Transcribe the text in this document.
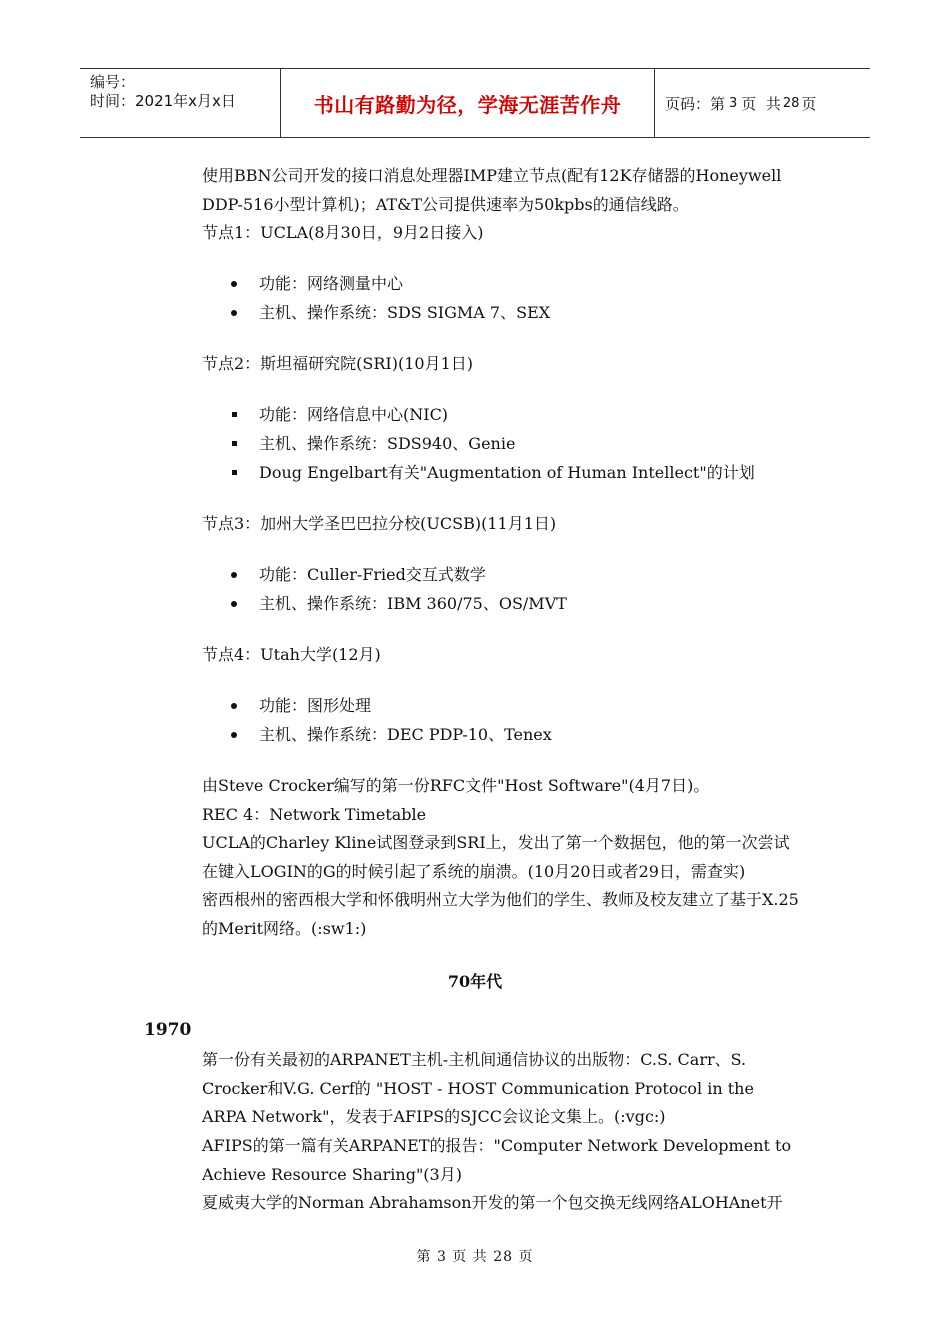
编号：
时间：2021年x月x日	书山有路勤为径，学海无涯苦作舟	页码：第 3 页  共 28 页
使用BBN公司开发的接口消息处理器IMP建立节点(配有12K存储器的Honeywell
DDP-516小型计算机)；AT&T公司提供速率为50kpbs的通信线路。
节点1：UCLA(8月30日，9月2日接入)
功能：网络测量中心
主机、操作系统：SDS SIGMA 7、SEX
节点2：斯坦福研究院(SRI)(10月1日)
功能：网络信息中心(NIC)
主机、操作系统：SDS940、Genie
Doug Engelbart有关"Augmentation of Human Intellect"的计划
节点3：加州大学圣巴巴拉分校(UCSB)(11月1日)
功能：Culler-Fried交互式数学
主机、操作系统：IBM 360/75、OS/MVT
节点4：Utah大学(12月)
功能：图形处理
主机、操作系统：DEC PDP-10、Tenex
由Steve Crocker编写的第一份RFC文件"Host Software"(4月7日)。
REC 4：Network Timetable
UCLA的Charley Kline试图登录到SRI上，发出了第一个数据包，他的第一次尝试
在键入LOGIN的G的时候引起了系统的崩溃。(10月20日或者29日，需查实)
密西根州的密西根大学和怀俄明州立大学为他们的学生、教师及校友建立了基于X.25
的Merit网络。(:sw1:)
70年代
1970
第一份有关最初的ARPANET主机-主机间通信协议的出版物：C.S. Carr、S.
Crocker和V.G. Cerf的 "HOST - HOST Communication Protocol in the
ARPA Network"，发表于AFIPS的SJCC会议论文集上。(:vgc:)
AFIPS的第一篇有关ARPANET的报告："Computer Network Development to
Achieve Resource Sharing"(3月)
夏威夷大学的Norman Abrahamson开发的第一个包交换无线网络ALOHAnet开
第 3 页 共 28 页
